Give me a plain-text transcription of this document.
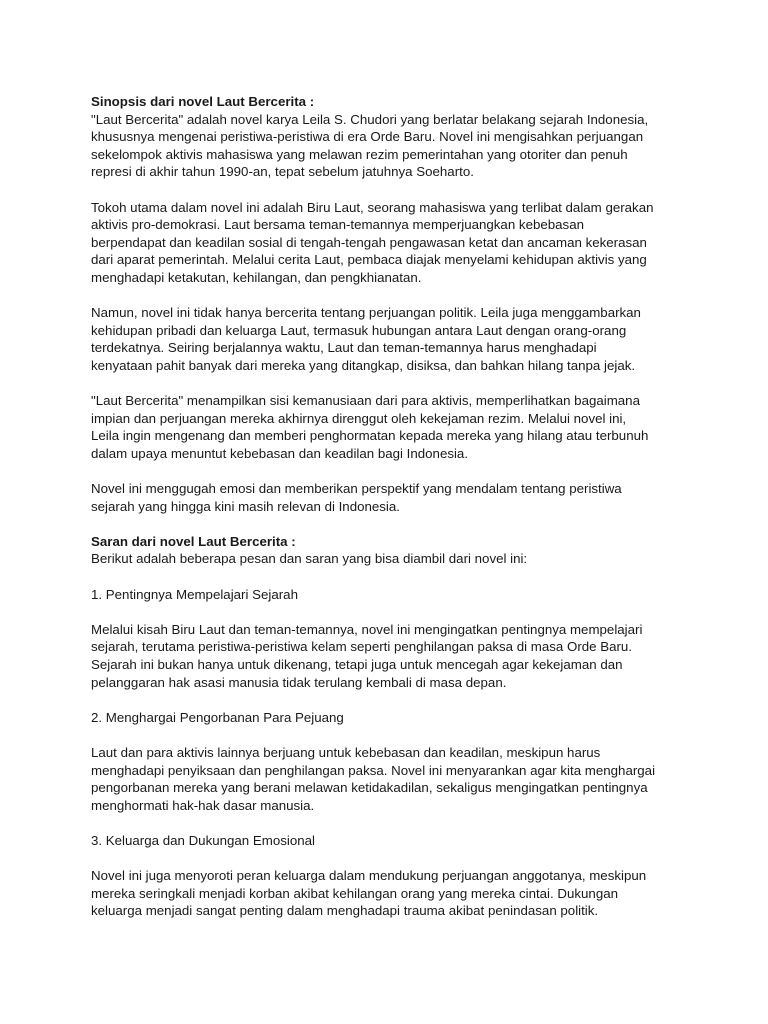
Sinopsis dari novel Laut Bercerita :
"Laut Bercerita" adalah novel karya Leila S. Chudori yang berlatar belakang sejarah Indonesia,
khususnya mengenai peristiwa-peristiwa di era Orde Baru. Novel ini mengisahkan perjuangan
sekelompok aktivis mahasiswa yang melawan rezim pemerintahan yang otoriter dan penuh
represi di akhir tahun 1990-an, tepat sebelum jatuhnya Soeharto.
Tokoh utama dalam novel ini adalah Biru Laut, seorang mahasiswa yang terlibat dalam gerakan
aktivis pro-demokrasi. Laut bersama teman-temannya memperjuangkan kebebasan
berpendapat dan keadilan sosial di tengah-tengah pengawasan ketat dan ancaman kekerasan
dari aparat pemerintah. Melalui cerita Laut, pembaca diajak menyelami kehidupan aktivis yang
menghadapi ketakutan, kehilangan, dan pengkhianatan.
Namun, novel ini tidak hanya bercerita tentang perjuangan politik. Leila juga menggambarkan
kehidupan pribadi dan keluarga Laut, termasuk hubungan antara Laut dengan orang-orang
terdekatnya. Seiring berjalannya waktu, Laut dan teman-temannya harus menghadapi
kenyataan pahit banyak dari mereka yang ditangkap, disiksa, dan bahkan hilang tanpa jejak.
"Laut Bercerita" menampilkan sisi kemanusiaan dari para aktivis, memperlihatkan bagaimana
impian dan perjuangan mereka akhirnya direnggut oleh kekejaman rezim. Melalui novel ini,
Leila ingin mengenang dan memberi penghormatan kepada mereka yang hilang atau terbunuh
dalam upaya menuntut kebebasan dan keadilan bagi Indonesia.
Novel ini menggugah emosi dan memberikan perspektif yang mendalam tentang peristiwa
sejarah yang hingga kini masih relevan di Indonesia.
Saran dari novel Laut Bercerita :
Berikut adalah beberapa pesan dan saran yang bisa diambil dari novel ini:
1. Pentingnya Mempelajari Sejarah
Melalui kisah Biru Laut dan teman-temannya, novel ini mengingatkan pentingnya mempelajari
sejarah, terutama peristiwa-peristiwa kelam seperti penghilangan paksa di masa Orde Baru.
Sejarah ini bukan hanya untuk dikenang, tetapi juga untuk mencegah agar kekejaman dan
pelanggaran hak asasi manusia tidak terulang kembali di masa depan.
2. Menghargai Pengorbanan Para Pejuang
Laut dan para aktivis lainnya berjuang untuk kebebasan dan keadilan, meskipun harus
menghadapi penyiksaan dan penghilangan paksa. Novel ini menyarankan agar kita menghargai
pengorbanan mereka yang berani melawan ketidakadilan, sekaligus mengingatkan pentingnya
menghormati hak-hak dasar manusia.
3. Keluarga dan Dukungan Emosional
Novel ini juga menyoroti peran keluarga dalam mendukung perjuangan anggotanya, meskipun
mereka seringkali menjadi korban akibat kehilangan orang yang mereka cintai. Dukungan
keluarga menjadi sangat penting dalam menghadapi trauma akibat penindasan politik.
